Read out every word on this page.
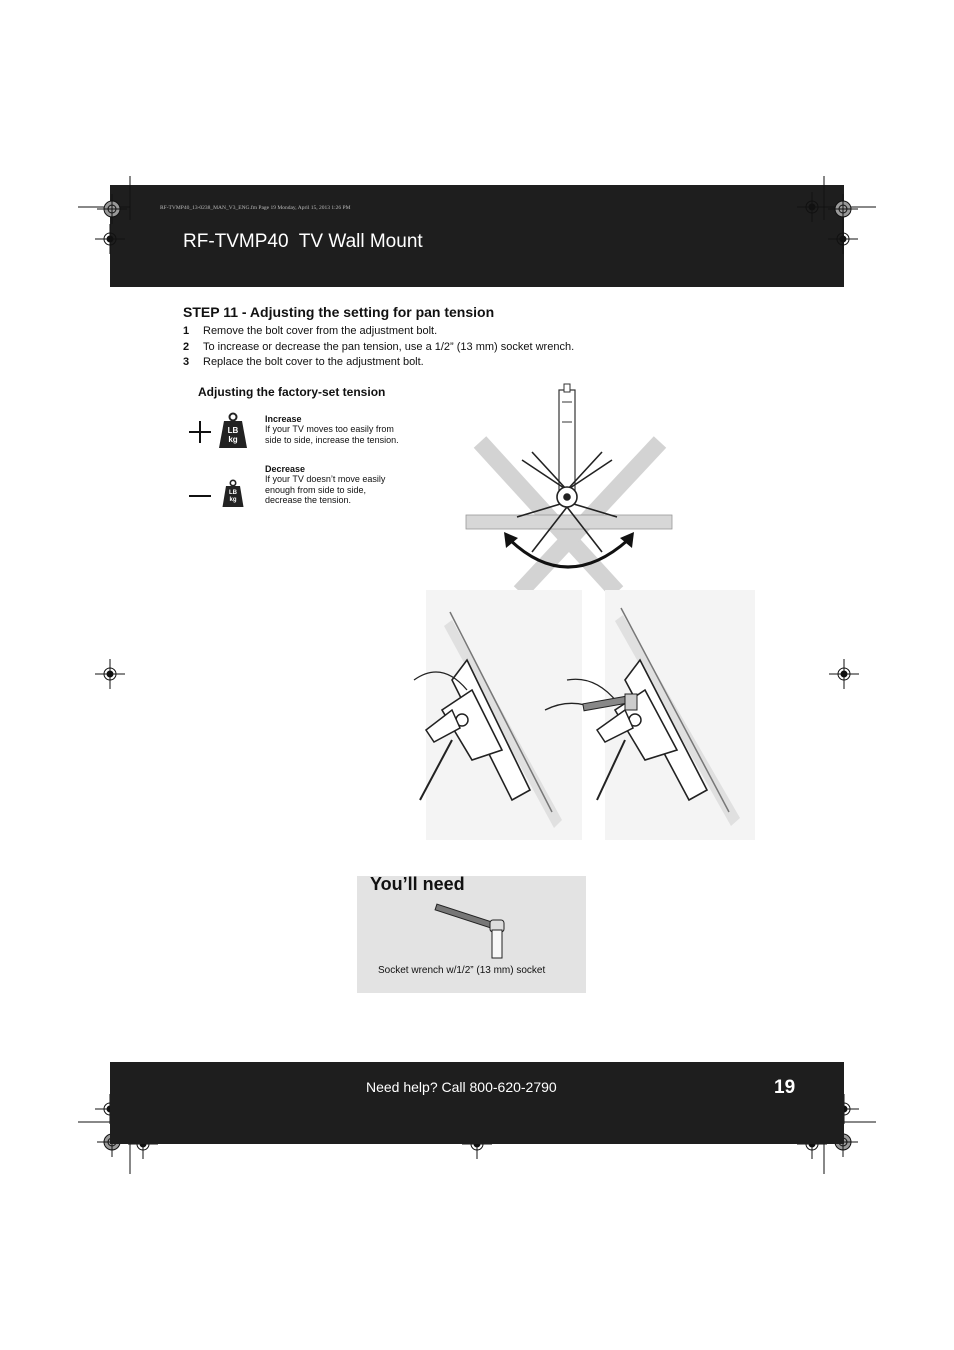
RF-TVMP40_13-0238_MAN_V3_ENG.fm Page 19 Monday, April 15, 2013 1:26 PM
RF-TVMP40  TV Wall Mount
STEP 11 - Adjusting the setting for pan tension
1 Remove the bolt cover from the adjustment bolt.
2 To increase or decrease the pan tension, use a 1/2” (13 mm) socket wrench.
3 Replace the bolt cover to the adjustment bolt.
Adjusting the factory-set tension
LB
kg
Increase
If your TV moves too easily from
side to side, increase the tension.
LB
kg
Decrease
If your TV doesn’t move easily
enough from side to side,
decrease the tension.
You’ll need
Socket wrench w/1/2” (13 mm) socket
Need help? Call 800-620-2790	19
